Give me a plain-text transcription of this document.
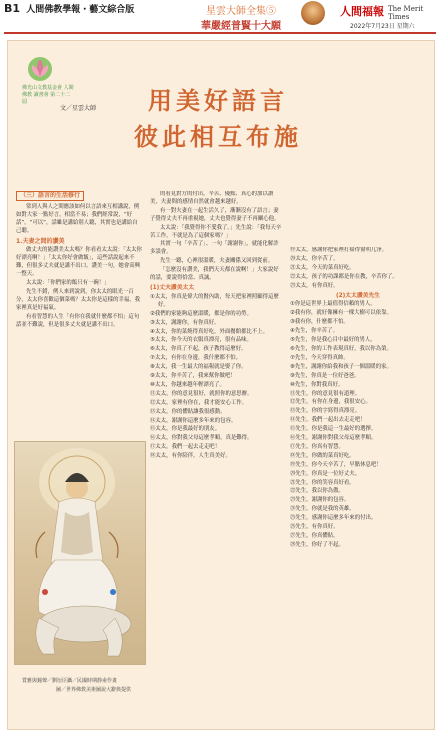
B1 人間佛教學報・藝文綜合版	星雲大師全集⑤
華嚴經普賢十大願
人間福報 The Merit Times
2022年7月23日 星期六
佛光山文教基金會 人間佛教 讀書會 第二十二屆
文／星雲大師	用美好語言
彼此相互布施
（三）語言的生活修行

常到人與人之間應該如何以言語來互相講說，例如對大家一點好言，相當不易；我們經常說，“好話”，“可以”，話雖是講給別人聽，其實也是講給自己聽。

1.夫妻之間的讚美

做丈夫的能讚美太太嗎？你看看太太說：「太太你好漂亮啊！」「太太你好會做飯」，這些話說起來不難，但很多丈夫就是講不出口。讚美一句，她會高興一整天。

太太說：「你們家的飯只有一碗！」

先生不錯，例人來到說到，你太太的眼光一百分，太太你喜歡這個菜嗎？太太你是這樣的幸福，我家裡真是好福氣。

有看智慧的人生「有你在我就什麼都不怕」這句話並不難說，但是很多丈夫就是講不出口。

賞雅與鐘聲／劉衍臣攝／民國時期靜甫作畫
圖／世界佛教美術圖說大辭典提供

的看見對方的付出，辛苦、優點、真心的加以讚美，夫妻間的感情自然就會越來越好。

有一對夫妻在一起生活久了，漸漸沒有了語言；妻子覺得丈夫不再重視她，丈夫也覺得妻子不再關心他。

太太說：「我覺得你不愛我了。」先生說：「我每天辛苦工作，不就是為了這個家嗎？」

其實一句「辛苦了」、一句「謝謝你」，就能化解許多誤會。

先生一聽，心裡很溫暖，夫妻關係又回到從前。

「怎麼沒有讚美，我們天天都在說啊！」大家說好的話，要說得恰當、真誠。

(1)丈夫讚美太太
①太太，你真是偉大的賢內助，每天把家裡照顧得這麼好。
②我們的家能夠這麼溫暖，都是你的功勞。
③太太，謝謝你，有你真好。
④太太，你的菜燒得真好吃，外面餐館都比不上。
⑤太太，你今天的衣服真漂亮，很有品味。
⑥太太，你真了不起，孩子教得這麼好。
⑦太太，有你在身邊，我什麼都不怕。
⑧太太，我一生最大的福報就是娶了你。
⑨太太，你辛苦了，我來幫你做吧！
⑩太太，你越來越年輕漂亮了。
⑪太太，你的意見很好，就照你的意思辦。
⑫太太，家裡有你在，我才能安心工作。
⑬太太，你的體貼讓我很感動。
⑭太太，謝謝你這麼多年來的包容。
⑮太太，你是我最好的朋友。
⑯太太，你對我父母這麼孝順，真是難得。
⑰太太，我們一起去走走吧！
⑱太太，有你陪伴，人生真美好。
⑲太太，感謝你把家裡打掃得窗明几淨。
⑳太太，你辛苦了。
㉑太太，今天的菜真好吃。
㉒太太，孩子的功課都是你在教，辛苦你了。
㉓太太，有你真好。
(2)太太讚美先生
①你是這世界上最值得信賴的男人。
②我有你，就好像擁有一棵大樹可以依靠。
③我有你，什麼都不怕。
④先生，你辛苦了。
⑤先生，你是我心目中最好的男人。
⑥先生，你的工作表現真好，我以你為榮。
⑦先生，今天穿得真帥。
⑧先生，謝謝你給我和孩子一個溫暖的家。
⑨先生，你真是一位好爸爸。
⑩先生，你對我真好。
⑪先生，你的意見很有道理。
⑫先生，有你在身邊，我很安心。
⑬先生，你的字寫得真漂亮。
⑭先生，我們一起出去走走吧！
⑮先生，你是我這一生最好的選擇。
⑯先生，謝謝你對我父母這麼孝順。
⑰先生，你真有智慧。
⑱先生，你做的菜真好吃。
⑲先生，你今天辛苦了，早點休息吧！
⑳先生，你真是一位好丈夫。
㉑先生，你的笑容真好看。
㉒先生，我以你為傲。
㉓先生，謝謝你的包容。
㉔先生，你就是我的英雄。
㉕先生，感謝你這麼多年來的付出。
㉖先生，有你真好。
㉗先生，你真體貼。
㉘先生，你好了不起。
